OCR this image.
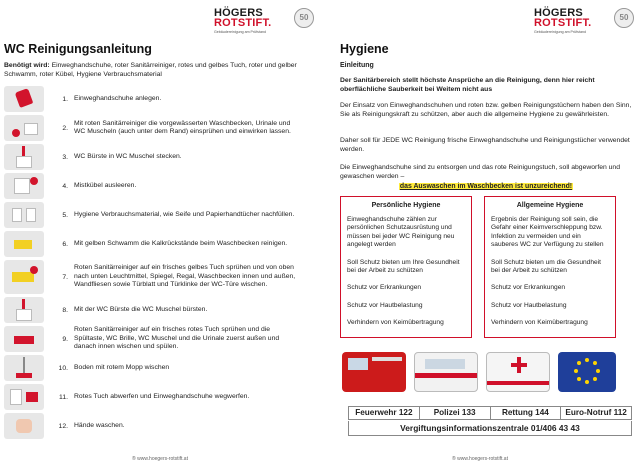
HÖGERS
ROTSTIFT.
Gebäudereinigung am Prüfstand
50
WC Reinigungsanleitung
Benötigt wird: Einweghandschuhe, roter Sanitärreiniger, rotes und gelbes Tuch, roter und gelber Schwamm, roter Kübel, Hygiene Verbrauchsmaterial
1. Einweghandschuhe anlegen.
2.
Mit roten Sanitärreiniger die vorgewässerten Waschbecken, Urinale und WC Muscheln (auch unter dem Rand) einsprühen und einwirken lassen.
3. WC Bürste in WC Muschel stecken.
4. Mistkübel ausleeren.
5. Hygiene Verbrauchsmaterial, wie Seife und Papierhandtücher nachfüllen.
6. Mit gelben Schwamm die Kalkrückstände beim Waschbecken reinigen.
7.
Roten Sanitärreiniger auf ein frisches gelbes Tuch sprühen und von oben nach unten Leuchtmittel, Spiegel, Regal, Waschbecken innen und außen, Wandfliesen sowie Türblatt und Türklinke der WC-Türe wischen.
8. Mit der WC Bürste die WC Muschel bürsten.
9.
Roten Sanitärreiniger auf ein frisches rotes Tuch sprühen und die Spültaste, WC Brille, WC Muschel und die Urinale zuerst außen und danach innen wischen und spülen.
10. Boden mit rotem Mopp wischen
11. Rotes Tuch abwerfen und Einweghandschuhe wegwerfen.
12. Hände waschen.
® www.hoegers-rotstift.at
HÖGERS
ROTSTIFT.
Gebäudereinigung am Prüfstand
50
Hygiene
Einleitung
Der Sanitärbereich stellt höchste Ansprüche an die Reinigung, denn hier reicht oberflächliche Sauberkeit bei Weitem nicht aus
Der Einsatz von Einweghandschuhen und roten bzw. gelben Reinigungstüchern haben den Sinn, Sie als Reinigungskraft zu schützen, aber auch die allgemeine Hygiene zu gewährleisten.
Daher soll für JEDE WC Reinigung frische Einweghandschuhe und Reinigungstücher verwendet werden.
Die Einweghandschuhe sind zu entsorgen und das rote Reinigungstuch, soll abgeworfen und gewaschen werden –
das Auswaschen im Waschbecken ist unzureichend!
Persönliche Hygiene
Einweghandschuhe zählen zur persönlichen Schutzausrüstung und müssen bei jeder WC Reinigung neu angelegt werden
Soll Schutz bieten um Ihre Gesundheit bei der Arbeit zu schützen
Schutz vor Erkrankungen
Schutz vor Hautbelastung
Verhindern von Keimübertragung
Allgemeine Hygiene
Ergebnis der Reinigung soll sein, die Gefahr einer Keimverschleppung bzw. Infektion zu vermeiden und ein sauberes WC zur Verfügung zu stellen
Soll Schutz bieten um die Gesundheit bei der Arbeit zu schützen
Schutz vor Erkrankungen
Schutz vor Hautbelastung
Verhindern von Keimübertragung
Feuerwehr 122	Polizei 133	Rettung 144	Euro-Notruf 112
Vergiftungsinformationszentrale 01/406 43 43
® www.hoegers-rotstift.at
